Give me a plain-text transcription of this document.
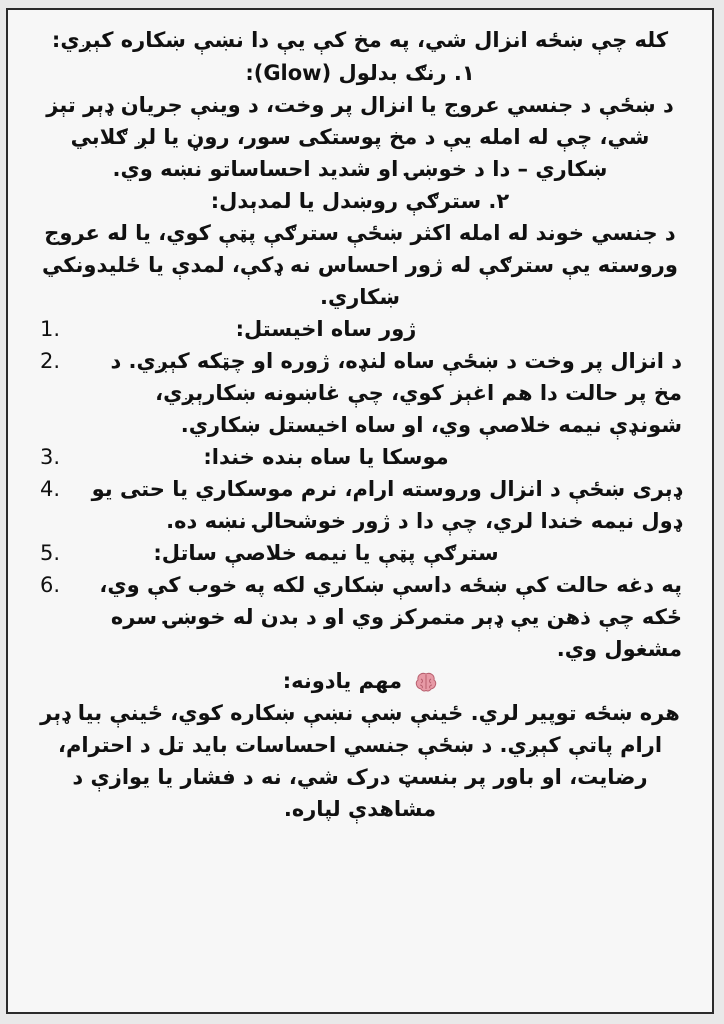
کله چې ښځه انزال شي، په مخ کې يې دا نښې ښکاره کېږي:

١. رنګ بدلول (Glow):

د ښځې د جنسي عروج يا انزال پر وخت، د وينې جريان ډېر تېز شي، چې له امله يې د مخ پوستکی سور، روڼ يا لږ ګلابي ښکاري – دا د خوښۍ او شديد احساساتو نښه وي.

٢. سترګې روښدل يا لمدېدل:

د جنسي خوند له امله اکثر ښځې سترګې پټې کوي، يا له عروج وروسته يې سترګې له ژور احساس نه ډکې، لمدې يا ځليدونکي ښکاري.

1.	ژور ساه اخيستل:
2. د انزال پر وخت د ښځې ساه لنډه، ژوره او چټکه کېږي. د مخ پر حالت دا هم اغېز کوي، چې غاښونه ښکارېږي، شونډې نيمه خلاصې وي، او ساه اخيستل ښکاري.
3.	موسکا يا ساه بنده خندا:
4. ډېری ښځې د انزال وروسته ارام، نرم موسکاري يا حتی يو ډول نيمه خندا لري، چې دا د ژور خوشحالۍ نښه ده.
5.	سترګې پټې يا نيمه خلاصې ساتل:
6. په دغه حالت کې ښځه داسې ښکاري لکه په خوب کې وي، ځکه چې ذهن يې ډېر متمرکز وي او د بدن له خوښۍ سره مشغول وي.

مهم يادونه:

هره ښځه توپير لري. ځينې ښې نښې ښکاره کوي، ځينې بيا ډېر ارام پاتې کېږي. د ښځې جنسي احساسات بايد تل د احترام، رضايت، او باور پر بنسټ درک شي، نه د فشار يا يوازې د مشاهدې لپاره.
